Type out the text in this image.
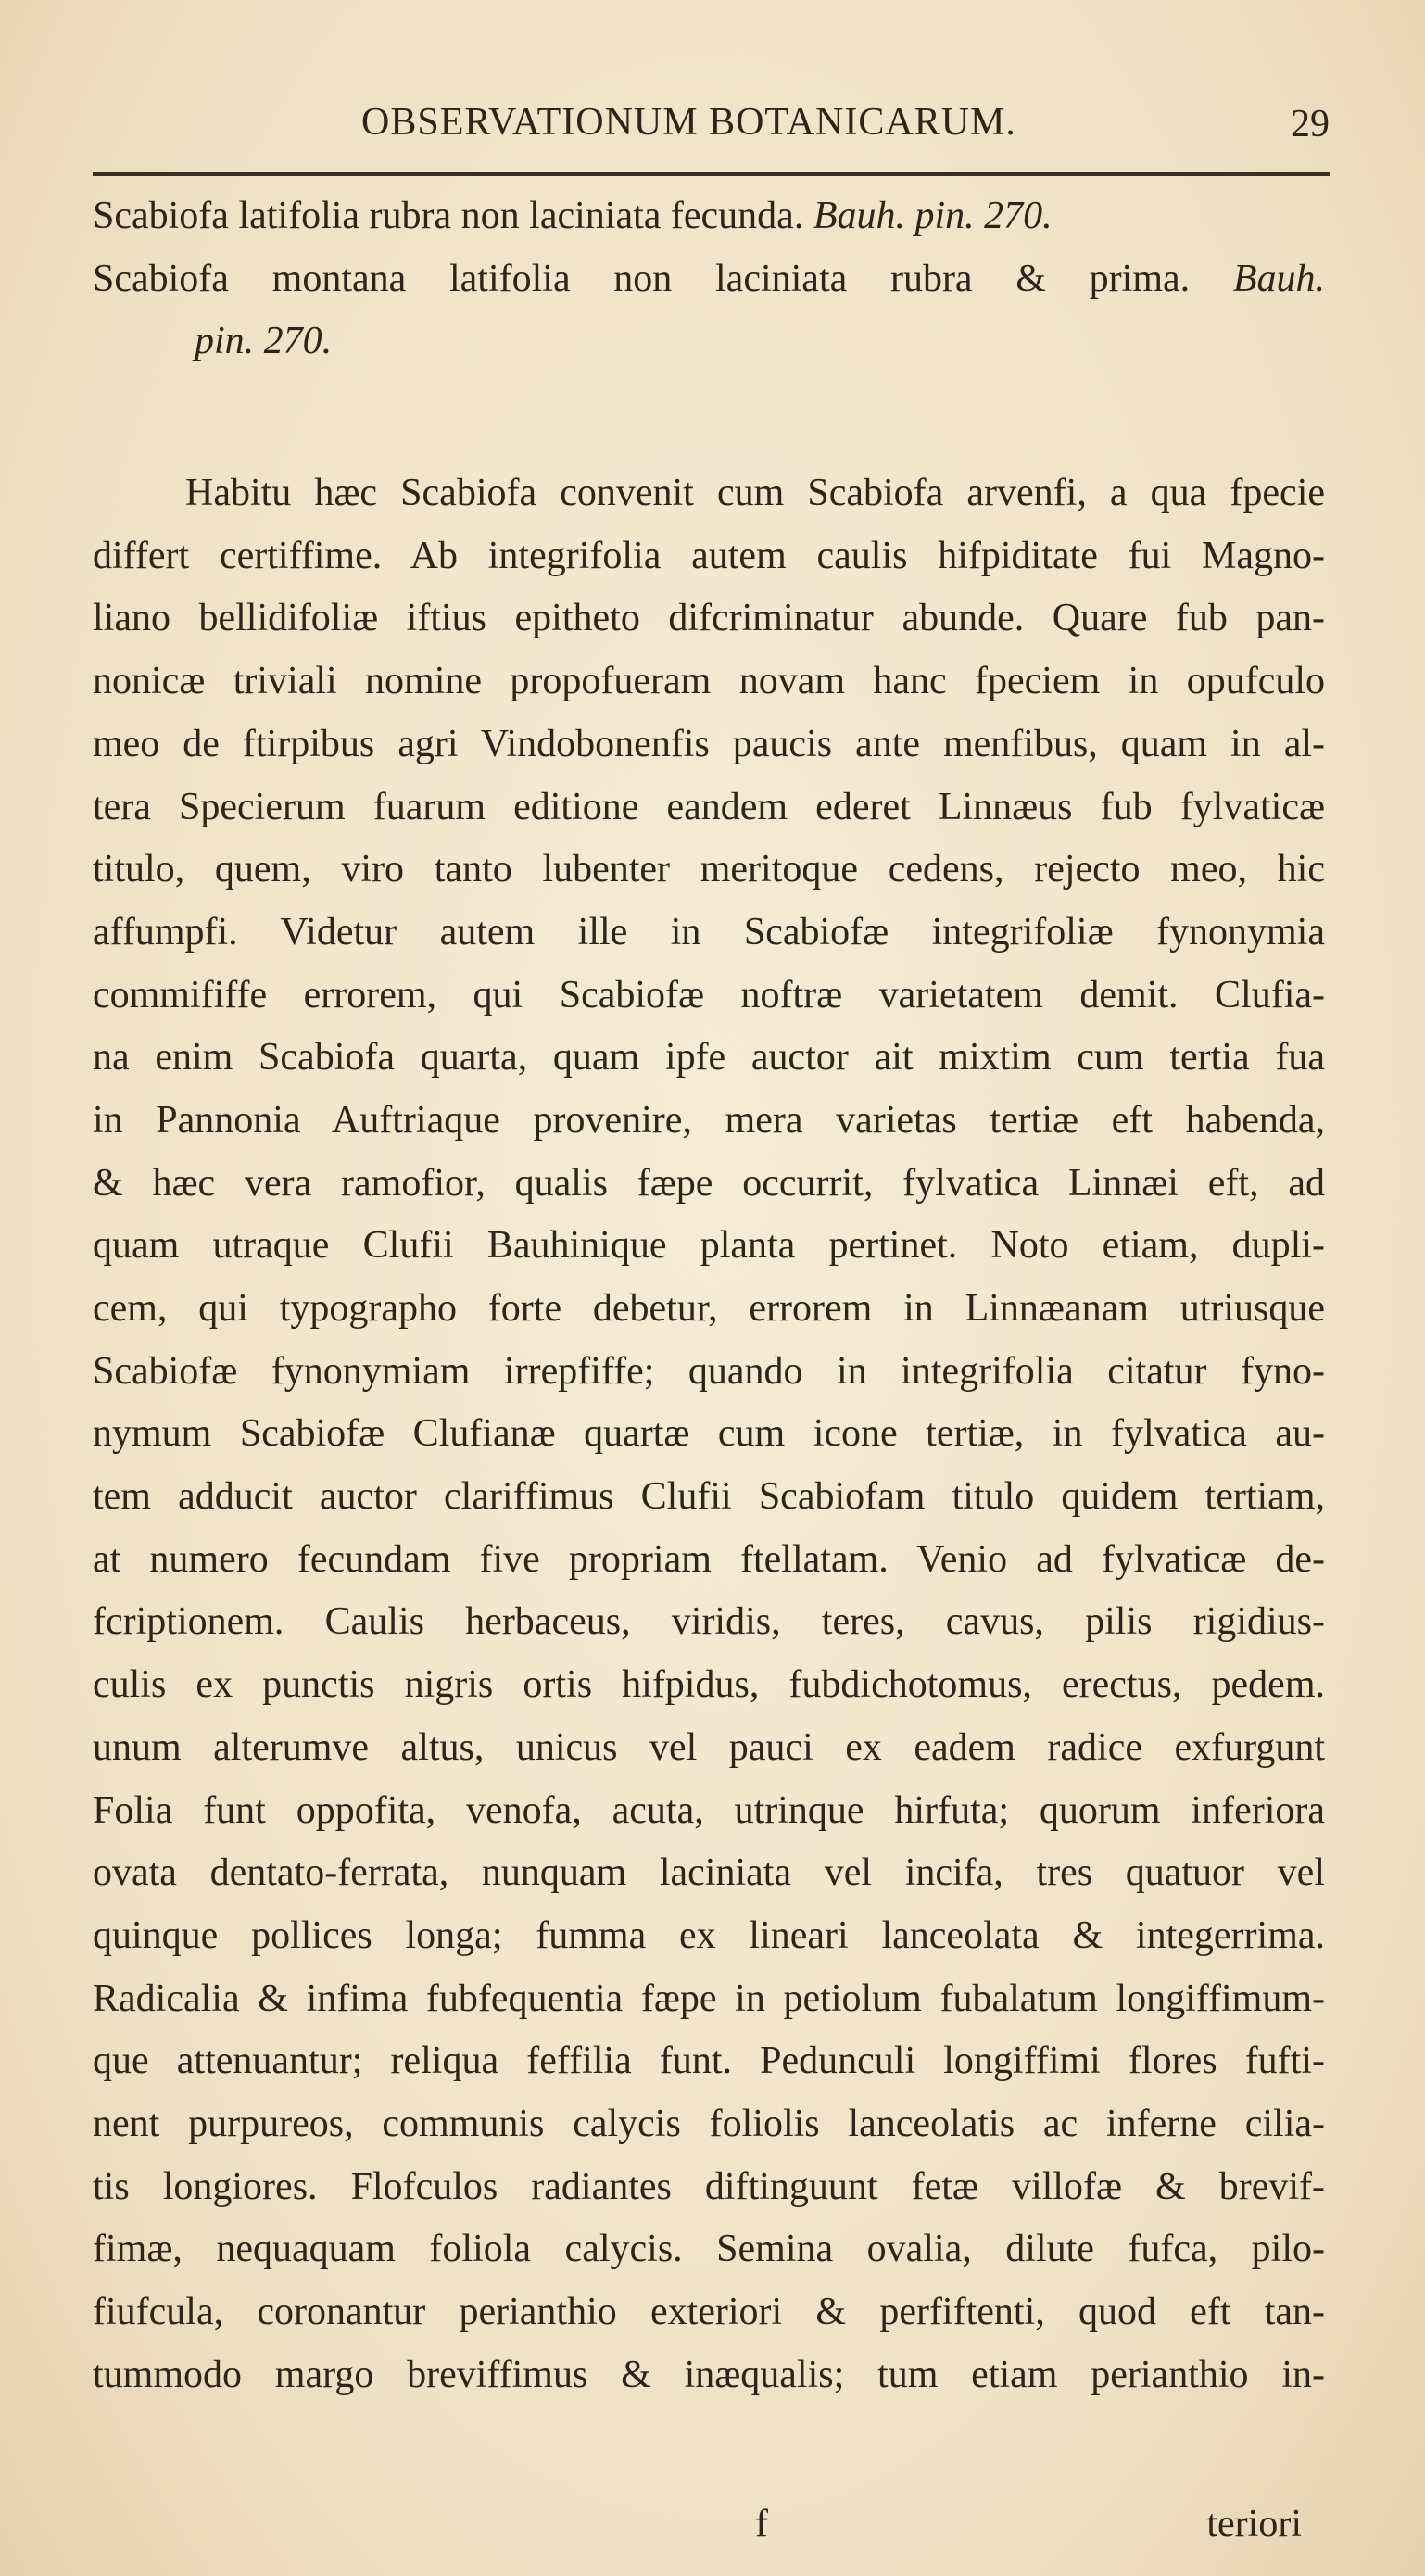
OBSERVATIONUM BOTANICARUM.	29
Scabiofa latifolia rubra non laciniata fecunda. Bauh. pin. 270.
Scabiofa montana latifolia non laciniata rubra & prima. Bauh.
pin. 270.
Habitu hæc Scabiofa convenit cum Scabiofa arvenfi, a qua fpecie
differt certiffime. Ab integrifolia autem caulis hifpiditate fui Magno-
liano bellidifoliæ iftius epitheto difcriminatur abunde. Quare fub pan-
nonicæ triviali nomine propofueram novam hanc fpeciem in opufculo
meo de ftirpibus agri Vindobonenfis paucis ante menfibus, quam in al-
tera Specierum fuarum editione eandem ederet Linnæus fub fylvaticæ
titulo, quem, viro tanto lubenter meritoque cedens, rejecto meo, hic
affumpfi. Videtur autem ille in Scabiofæ integrifoliæ fynonymia
commififfe errorem, qui Scabiofæ noftræ varietatem demit. Clufia-
na enim Scabiofa quarta, quam ipfe auctor ait mixtim cum tertia fua
in Pannonia Auftriaque provenire, mera varietas tertiæ eft habenda,
& hæc vera ramofior, qualis fæpe occurrit, fylvatica Linnæi eft, ad
quam utraque Clufii Bauhinique planta pertinet. Noto etiam, dupli-
cem, qui typographo forte debetur, errorem in Linnæanam utriusque
Scabiofæ fynonymiam irrepfiffe; quando in integrifolia citatur fyno-
nymum Scabiofæ Clufianæ quartæ cum icone tertiæ, in fylvatica au-
tem adducit auctor clariffimus Clufii Scabiofam titulo quidem tertiam,
at numero fecundam five propriam ftellatam. Venio ad fylvaticæ de-
fcriptionem. Caulis herbaceus, viridis, teres, cavus, pilis rigidius-
culis ex punctis nigris ortis hifpidus, fubdichotomus, erectus, pedem.
unum alterumve altus, unicus vel pauci ex eadem radice exfurgunt
Folia funt oppofita, venofa, acuta, utrinque hirfuta; quorum inferiora
ovata dentato-ferrata, nunquam laciniata vel incifa, tres quatuor vel
quinque pollices longa; fumma ex lineari lanceolata & integerrima.
Radicalia & infima fubfequentia fæpe in petiolum fubalatum longiffimum-
que attenuantur; reliqua feffilia funt. Pedunculi longiffimi flores fufti-
nent purpureos, communis calycis foliolis lanceolatis ac inferne cilia-
tis longiores. Flofculos radiantes diftinguunt fetæ villofæ & brevif-
fimæ, nequaquam foliola calycis. Semina ovalia, dilute fufca, pilo-
fiufcula, coronantur perianthio exteriori & perfiftenti, quod eft tan-
tummodo margo breviffimus & inæqualis; tum etiam perianthio in-
f	teriori
